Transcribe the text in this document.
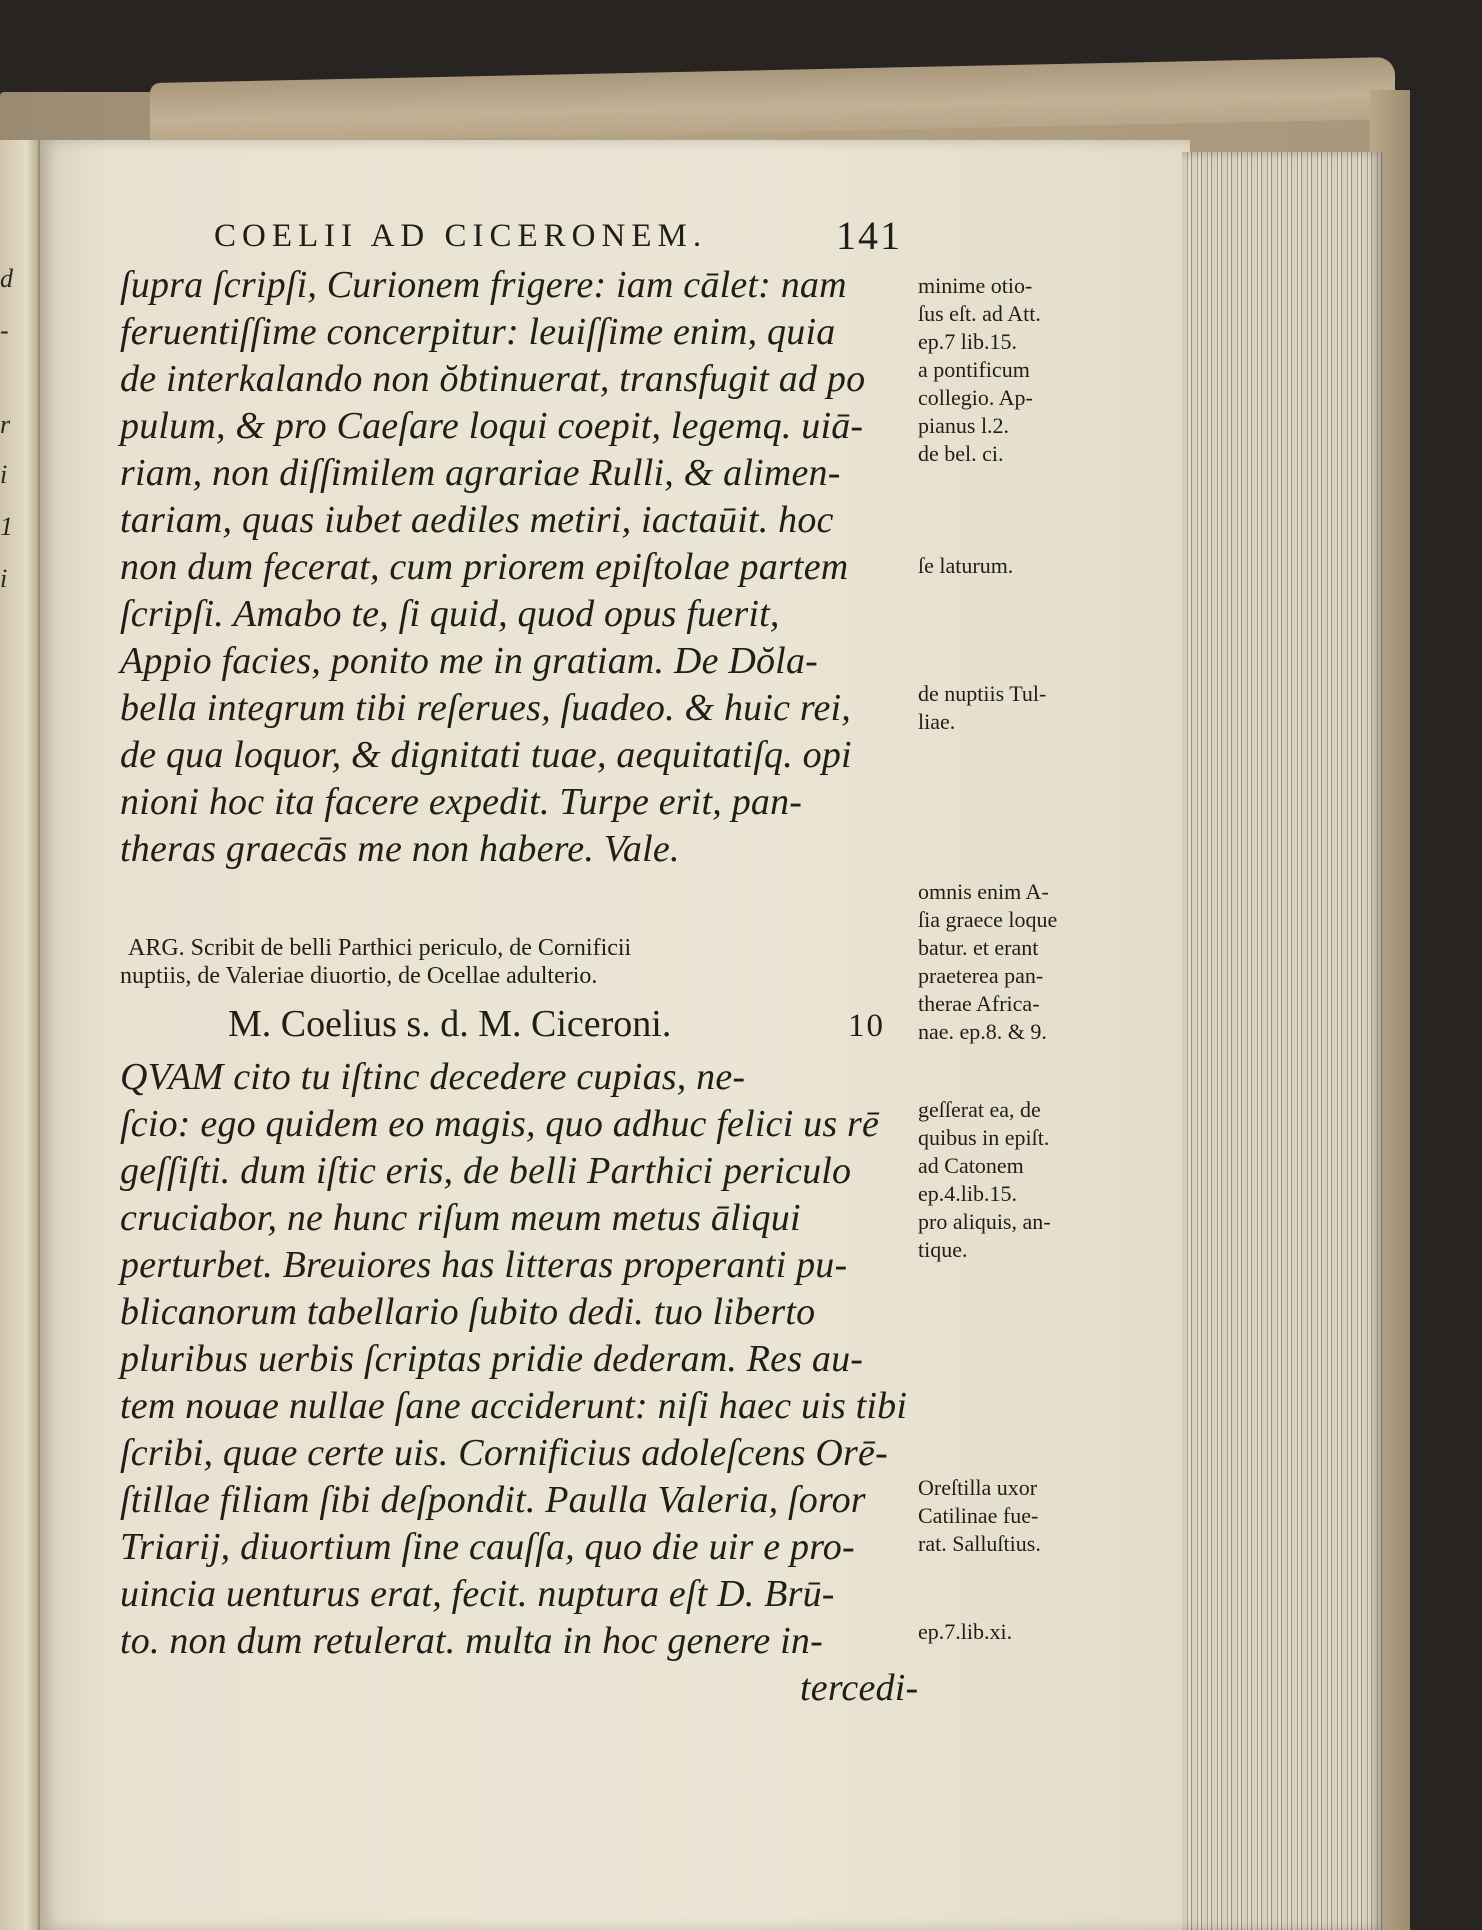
d
-
r
i
1
i

COELII AD CICERONEM.	141
ſupra ſcripſi, Curionem frigere: iam cālet: nam
feruentiſſime concerpitur: leuiſſime enim, quia
de interkalando non ŏbtinuerat, transfugit ad po
pulum, & pro Caeſare loqui coepit, legemq. uiā-
riam, non diſſimilem agrariae Rulli, & alimen-
tariam, quas iubet aediles metiri, iactaūit. hoc
non dum fecerat, cum priorem epiſtolae partem
ſcripſi. Amabo te, ſi quid, quod opus fuerit,
Appio facies, ponito me in gratiam. De Dŏla-
bella integrum tibi reſerues, ſuadeo. & huic rei,
de qua loquor, & dignitati tuae, aequitatiſq. opi
nioni hoc ita facere expedit. Turpe erit, pan-
theras graecās me non habere. Vale.
ARG. Scribit de belli Parthici periculo, de Cornificii
nuptiis, de Valeriae diuortio, de Ocellae adulterio.
M. Coelius s. d. M. Ciceroni.	10
QVAM cito tu iſtinc decedere cupias, ne-
ſcio: ego quidem eo magis, quo adhuc felici us rē
geſſiſti. dum iſtic eris, de belli Parthici periculo
cruciabor, ne hunc riſum meum metus āliqui
perturbet. Breuiores has litteras properanti pu-
blicanorum tabellario ſubito dedi. tuo liberto
pluribus uerbis ſcriptas pridie dederam. Res au-
tem nouae nullae ſane acciderunt: niſi haec uis tibi
ſcribi, quae certe uis. Cornificius adoleſcens Orē-
ſtillae filiam ſibi deſpondit. Paulla Valeria, ſoror
Triarij, diuortium ſine cauſſa, quo die uir e pro-
uincia uenturus erat, fecit. nuptura eſt D. Brū-
to. non dum retulerat. multa in hoc genere in-
tercedi-
minime otio-
ſus eſt. ad Att.
ep.7 lib.15.
a pontificum
collegio. Ap-
pianus l.2.
de bel. ci.
ſe laturum.
de nuptiis Tul-
liae.
omnis enim A-
ſia graece loque
batur. et erant
praeterea pan-
therae Africa-
nae. ep.8. & 9.
geſſerat ea, de
quibus in epiſt.
ad Catonem
ep.4.lib.15.
pro aliquis, an-
tique.
Oreſtilla uxor
Catilinae fue-
rat. Salluſtius.
ep.7.lib.xi.
